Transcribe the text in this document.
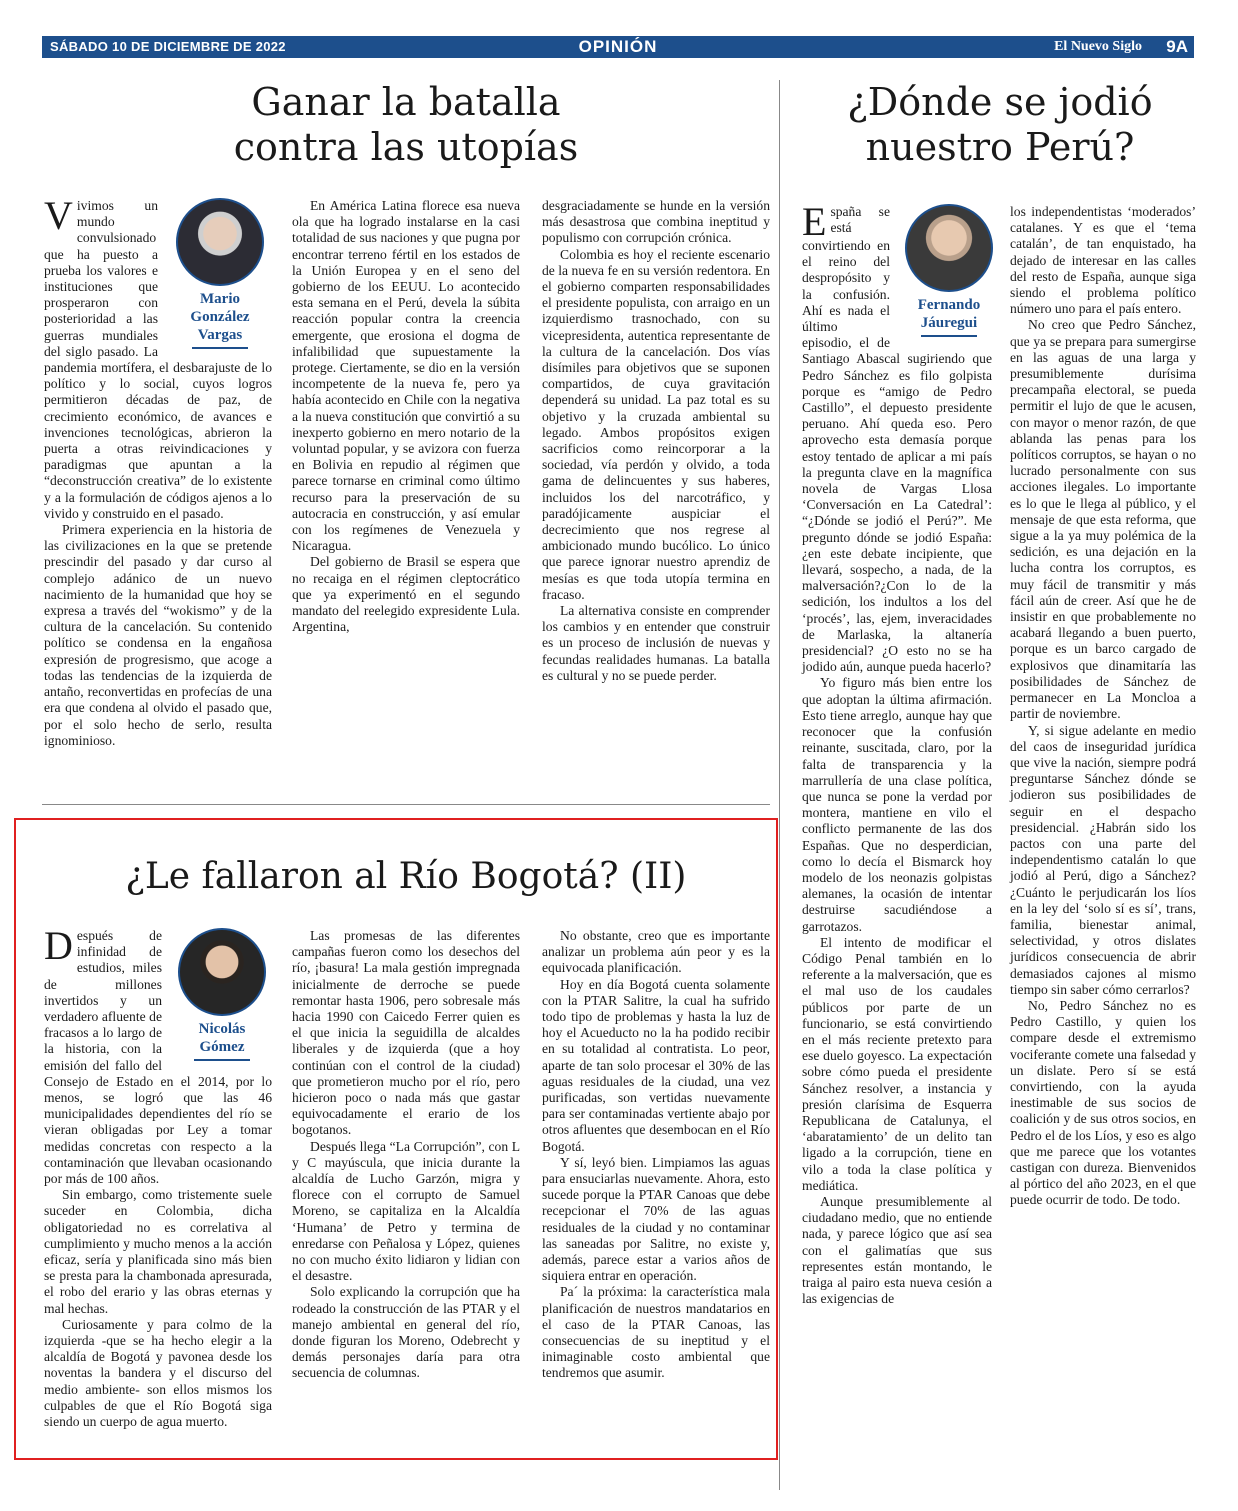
SÁBADO 10 DE DICIEMBRE DE 2022	OPINIÓN	El Nuevo Siglo 9A
Ganar la batalla
contra las utopías
Mario
González
Vargas

Vivimos un mundo convulsionado que ha puesto a prueba los valores e instituciones que prosperaron con posterioridad a las guerras mundiales del siglo pasado. La pandemia mortífera, el desbarajuste de lo político y lo social, cuyos logros permitieron décadas de paz, de crecimiento económico, de avances e invenciones tecnológicas, abrieron la puerta a otras reivindicaciones y paradigmas que apuntan a la “deconstrucción creativa” de lo existente y a la formulación de códigos ajenos a lo vivido y construido en el pasado.

Primera experiencia en la historia de las civilizaciones en la que se pretende prescindir del pasado y dar curso al complejo adánico de un nuevo nacimiento de la humanidad que hoy se expresa a través del “wokismo” y de la cultura de la cancelación. Su contenido político se condensa en la engañosa expresión de progresismo, que acoge a todas las tendencias de la izquierda de antaño, reconvertidas en profecías de una era que condena al olvido el pasado que, por el solo hecho de serlo, resulta ignominioso.

En América Latina florece esa nueva ola que ha logrado instalarse en la casi totalidad de sus naciones y que pugna por encontrar terreno fértil en los estados de la Unión Europea y en el seno del gobierno de los EEUU. Lo acontecido esta semana en el Perú, devela la súbita reacción popular contra la creencia emergente, que erosiona el dogma de infalibilidad que supuestamente la protege. Ciertamente, se dio en la versión incompetente de la nueva fe, pero ya había acontecido en Chile con la negativa a la nueva constitución que convirtió a su inexperto gobierno en mero notario de la voluntad popular, y se avizora con fuerza en Bolivia en repudio al régimen que parece tornarse en criminal como último recurso para la preservación de su autocracia en construcción, y así emular con los regímenes de Venezuela y Nicaragua.

Del gobierno de Brasil se espera que no recaiga en el régimen cleptocrático que ya experimentó en el segundo mandato del reelegido expresidente Lula. Argentina,

desgraciadamente se hunde en la versión más desastrosa que combina ineptitud y populismo con corrupción crónica.

Colombia es hoy el reciente escenario de la nueva fe en su versión redentora. En el gobierno comparten responsabilidades el presidente populista, con arraigo en un izquierdismo trasnochado, con su vicepresidenta, autentica representante de la cultura de la cancelación. Dos vías disímiles para objetivos que se suponen compartidos, de cuya gravitación dependerá su unidad. La paz total es su objetivo y la cruzada ambiental su legado. Ambos propósitos exigen sacrificios como reincorporar a la sociedad, vía perdón y olvido, a toda gama de delincuentes y sus haberes, incluidos los del narcotráfico, y paradójicamente auspiciar el decrecimiento que nos regrese al ambicionado mundo bucólico. Lo único que parece ignorar nuestro aprendiz de mesías es que toda utopía termina en fracaso.

La alternativa consiste en comprender los cambios y en entender que construir es un proceso de inclusión de nuevas y fecundas realidades humanas. La batalla es cultural y no se puede perder.

¿Le fallaron al Río Bogotá? (II)
Nicolás
Gómez

Después de infinidad de estudios, miles de millones invertidos y un verdadero afluente de fracasos a lo largo de la historia, con la emisión del fallo del Consejo de Estado en el 2014, por lo menos, se logró que las 46 municipalidades dependientes del río se vieran obligadas por Ley a tomar medidas concretas con respecto a la contaminación que llevaban ocasionando por más de 100 años.

Sin embargo, como tristemente suele suceder en Colombia, dicha obligatoriedad no es correlativa al cumplimiento y mucho menos a la acción eficaz, sería y planificada sino más bien se presta para la chambonada apresurada, el robo del erario y las obras eternas y mal hechas.

Curiosamente y para colmo de la izquierda -que se ha hecho elegir a la alcaldía de Bogotá y pavonea desde los noventas la bandera y el discurso del medio ambiente- son ellos mismos los culpables de que el Río Bogotá siga siendo un cuerpo de agua muerto.

Las promesas de las diferentes campañas fueron como los desechos del río, ¡basura! La mala gestión impregnada inicialmente de derroche se puede remontar hasta 1906, pero sobresale más hacia 1990 con Caicedo Ferrer quien es el que inicia la seguidilla de alcaldes liberales y de izquierda (que a hoy continúan con el control de la ciudad) que prometieron mucho por el río, pero hicieron poco o nada más que gastar equivocadamente el erario de los bogotanos.

Después llega “La Corrupción”, con L y C mayúscula, que inicia durante la alcaldía de Lucho Garzón, migra y florece con el corrupto de Samuel Moreno, se capitaliza en la Alcaldía ‘Humana’ de Petro y termina de enredarse con Peñalosa y López, quienes no con mucho éxito lidiaron y lidian con el desastre.

Solo explicando la corrupción que ha rodeado la construcción de las PTAR y el manejo ambiental en general del río, donde figuran los Moreno, Odebrecht y demás personajes daría para otra secuencia de columnas.

No obstante, creo que es importante analizar un problema aún peor y es la equivocada planificación.

Hoy en día Bogotá cuenta solamente con la PTAR Salitre, la cual ha sufrido todo tipo de problemas y hasta la luz de hoy el Acueducto no la ha podido recibir en su totalidad al contratista. Lo peor, aparte de tan solo procesar el 30% de las aguas residuales de la ciudad, una vez purificadas, son vertidas nuevamente para ser contaminadas vertiente abajo por otros afluentes que desembocan en el Río Bogotá.

Y sí, leyó bien. Limpiamos las aguas para ensuciarlas nuevamente. Ahora, esto sucede porque la PTAR Canoas que debe recepcionar el 70% de las aguas residuales de la ciudad y no contaminar las saneadas por Salitre, no existe y, además, parece estar a varios años de siquiera entrar en operación.

Pa´ la próxima: la característica mala planificación de nuestros mandatarios en el caso de la PTAR Canoas, las consecuencias de su ineptitud y el inimaginable costo ambiental que tendremos que asumir.

¿Dónde se jodió
nuestro Perú?
Fernando
Jáuregui

España se está convirtiendo en el reino del despropósito y la confusión. Ahí es nada el último episodio, el de Santiago Abascal sugiriendo que Pedro Sánchez es filo golpista porque es “amigo de Pedro Castillo”, el depuesto presidente peruano. Ahí queda eso. Pero aprovecho esta demasía porque estoy tentado de aplicar a mi país la pregunta clave en la magnífica novela de Vargas Llosa ‘Conversación en La Catedral’: “¿Dónde se jodió el Perú?”. Me pregunto dónde se jodió España: ¿en este debate incipiente, que llevará, sospecho, a nada, de la malversación?¿Con lo de la sedición, los indultos a los del ‘procés’, las, ejem, inveracidades de Marlaska, la altanería presidencial? ¿O esto no se ha jodido aún, aunque pueda hacerlo?

Yo figuro más bien entre los que adoptan la última afirmación. Esto tiene arreglo, aunque hay que reconocer que la confusión reinante, suscitada, claro, por la falta de transparencia y la marrullería de una clase política, que nunca se pone la verdad por montera, mantiene en vilo el conflicto permanente de las dos Españas. Que no desperdician, como lo decía el Bismarck hoy modelo de los neonazis golpistas alemanes, la ocasión de intentar destruirse sacudiéndose a garrotazos.

El intento de modificar el Código Penal también en lo referente a la malversación, que es el mal uso de los caudales públicos por parte de un funcionario, se está convirtiendo en el más reciente pretexto para ese duelo goyesco. La expectación sobre cómo pueda el presidente Sánchez resolver, a instancia y presión clarísima de Esquerra Republicana de Catalunya, el ‘abaratamiento’ de un delito tan ligado a la corrupción, tiene en vilo a toda la clase política y mediática.

Aunque presumiblemente al ciudadano medio, que no entiende nada, y parece lógico que así sea con el galimatías que sus representes están montando, le traiga al pairo esta nueva cesión a las exigencias de

los independentistas ‘moderados’ catalanes. Y es que el ‘tema catalán’, de tan enquistado, ha dejado de interesar en las calles del resto de España, aunque siga siendo el problema político número uno para el país entero.

No creo que Pedro Sánchez, que ya se prepara para sumergirse en las aguas de una larga y presumiblemente durísima precampaña electoral, se pueda permitir el lujo de que le acusen, con mayor o menor razón, de que ablanda las penas para los políticos corruptos, se hayan o no lucrado personalmente con sus acciones ilegales. Lo importante es lo que le llega al público, y el mensaje de que esta reforma, que sigue a la ya muy polémica de la sedición, es una dejación en la lucha contra los corruptos, es muy fácil de transmitir y más fácil aún de creer. Así que he de insistir en que probablemente no acabará llegando a buen puerto, porque es un barco cargado de explosivos que dinamitaría las posibilidades de Sánchez de permanecer en La Moncloa a partir de noviembre.

Y, si sigue adelante en medio del caos de inseguridad jurídica que vive la nación, siempre podrá preguntarse Sánchez dónde se jodieron sus posibilidades de seguir en el despacho presidencial. ¿Habrán sido los pactos con una parte del independentismo catalán lo que jodió al Perú, digo a Sánchez? ¿Cuánto le perjudicarán los líos en la ley del ‘solo sí es sí’, trans, familia, bienestar animal, selectividad, y otros dislates jurídicos consecuencia de abrir demasiados cajones al mismo tiempo sin saber cómo cerrarlos?

No, Pedro Sánchez no es Pedro Castillo, y quien los compare desde el extremismo vociferante comete una falsedad y un dislate. Pero sí se está convirtiendo, con la ayuda inestimable de sus socios de coalición y de sus otros socios, en Pedro el de los Líos, y eso es algo que me parece que los votantes castigan con dureza. Bienvenidos al pórtico del año 2023, en el que puede ocurrir de todo. De todo.
